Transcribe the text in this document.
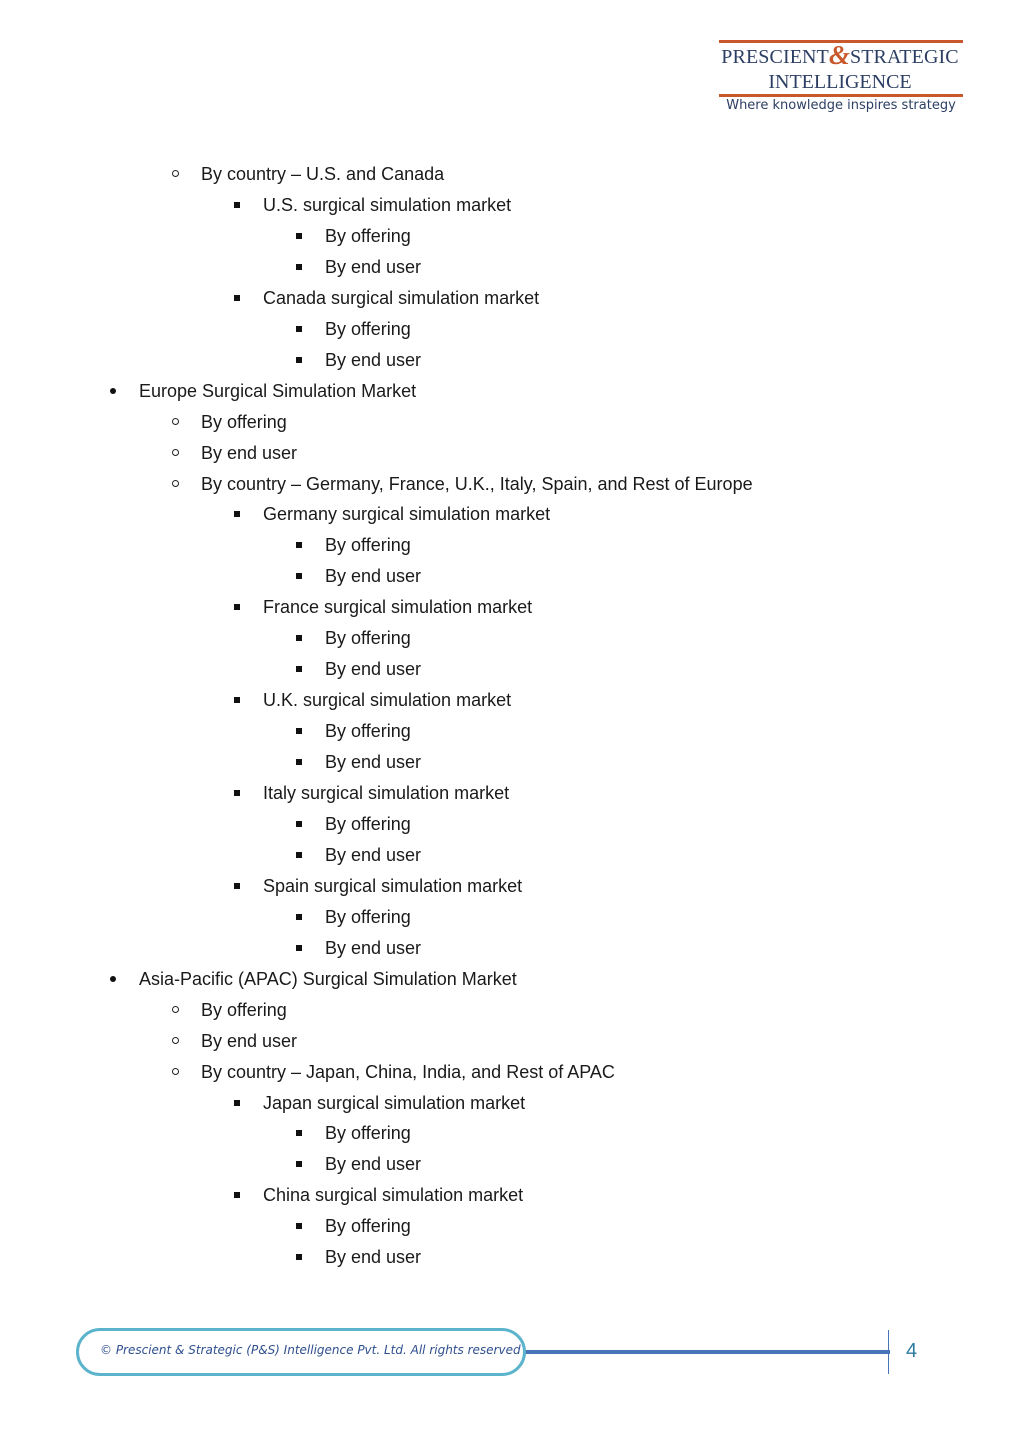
PRESCIENT&STRATEGIC
INTELLIGENCE
Where knowledge inspires strategy
By country – U.S. and Canada
U.S. surgical simulation market
By offering
By end user
Canada surgical simulation market
By offering
By end user
Europe Surgical Simulation Market
By offering
By end user
By country – Germany, France, U.K., Italy, Spain, and Rest of Europe
Germany surgical simulation market
By offering
By end user
France surgical simulation market
By offering
By end user
U.K. surgical simulation market
By offering
By end user
Italy surgical simulation market
By offering
By end user
Spain surgical simulation market
By offering
By end user
Asia-Pacific (APAC) Surgical Simulation Market
By offering
By end user
By country – Japan, China, India, and Rest of APAC
Japan surgical simulation market
By offering
By end user
China surgical simulation market
By offering
By end user
© Prescient & Strategic (P&S) Intelligence Pvt. Ltd. All rights reserved	4
